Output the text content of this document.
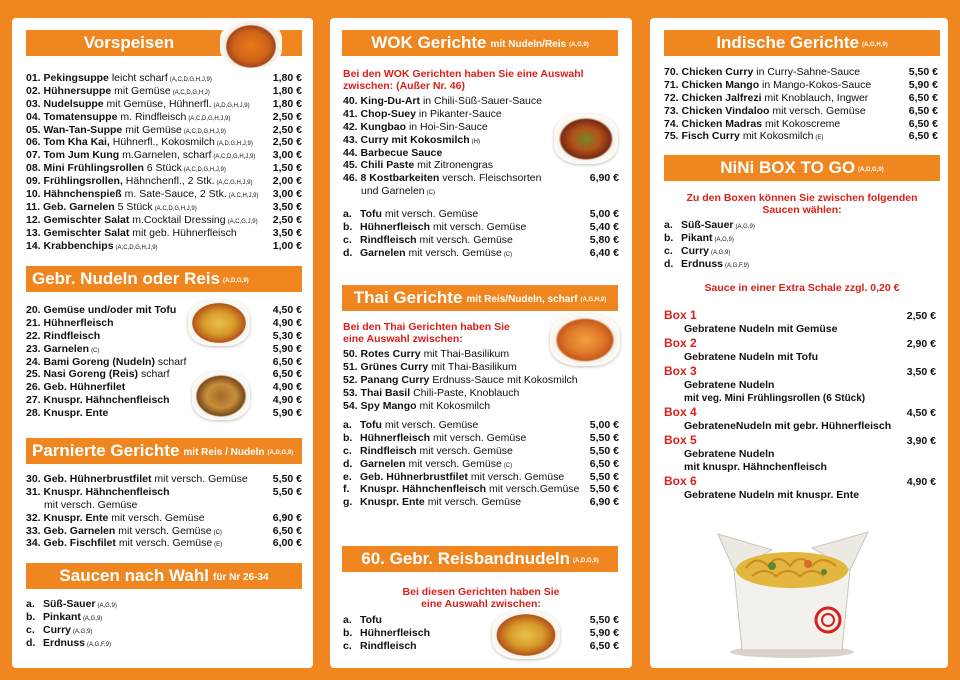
Vorspeisen
01. Pekingsuppe leicht scharf (A,C,D,G,H,J,9)	1,80 €
02. Hühnersuppe mit Gemüse (A,C,D,G,H,J)	1,80 €
03. Nudelsuppe mit Gemüse, Hühnerfl. (A,D,G,H,J,9)	1,80 €
04. Tomatensuppe m. Rindfleisch (A,C,D,G,H,J,9)	2,50 €
05. Wan-Tan-Suppe mit Gemüse (A,C,D,G,H,J,9)	2,50 €
06. Tom Kha Kai, Hühnerfl., Kokosmilch (A,D,G,H,J,9)	2,50 €
07. Tom Jum Kung m.Garnelen, scharf (A,C,D,G,H,J,9)	3,00 €
08. Mini Frühlingsrollen 6 Stück (A,C,D,G,H,J,9)	1,50 €
09. Frühlingsrollen, Hähnchenfl., 2 Stk. (A,C,G,H,J,9)	2,00 €
10. Hähnchenspieß m. Sate-Sauce, 2 Stk. (A,C,H,J,9)	3,00 €
11. Geb. Garnelen 5 Stück (A,C,D,G,H,J,9)	3,50 €
12. Gemischter Salat m.Cocktail Dressing (A,C,G,J,9)	2,50 €
13. Gemischter Salat mit geb. Hühnerfleisch	3,50 €
14. Krabbenchips (A,C,D,G,H,J,9)	1,00 €
Gebr. Nudeln oder Reis (A,D,G,9)
20. Gemüse und/oder mit Tofu	4,50 €
21. Hühnerfleisch	4,90 €
22. Rindfleisch	5,30 €
23. Garnelen (C)	5,90 €
24. Bami Goreng (Nudeln) scharf	6,50 €
25. Nasi Goreng (Reis) scharf	6,50 €
26. Geb. Hühnerfilet	4,90 €
27. Knuspr. Hähnchenfleisch	4,90 €
28. Knuspr. Ente	5,90 €
Parnierte Gerichte mit Reis / Nudeln (A,D,G,9)
30. Geb. Hühnerbrustfilet mit versch. Gemüse	5,50 €
31. Knuspr. Hähnchenfleisch	5,50 €
mit versch. Gemüse
32. Knuspr. Ente mit versch. Gemüse	6,90 €
33. Geb. Garnelen mit versch. Gemüse (C)	6,50 €
34. Geb. Fischfilet mit versch. Gemüse (E)	6,00 €
Saucen nach Wahl für Nr 26-34
a. Süß-Sauer (A,G,9)
b. Pinkant (A,G,9)
c. Curry (A,G,9)
d. Erdnuss (A,G,F,9)
WOK Gerichte mit Nudeln/Reis (A,G,9)
Bei den WOK Gerichten haben Sie eine Auswahl
zwischen: (Außer Nr. 46)
40. King-Du-Art in Chili-Süß-Sauer-Sauce
41. Chop-Suey in Pikanter-Sauce
42. Kungbao in Hoi-Sin-Sauce
43. Curry mit Kokosmilch (H)
44. Barbecue Sauce
45. Chili Paste mit Zitronengras
46. 8 Kostbarkeiten versch. Fleischsorten	6,90 €
und Garnelen (C)
a. Tofu mit versch. Gemüse	5,00 €
b. Hühnerfleisch mit versch. Gemüse	5,40 €
c. Rindfleisch mit versch. Gemüse	5,80 €
d. Garnelen mit versch. Gemüse (C)	6,40 €
Thai Gerichte mit Reis/Nudeln, scharf (A,G,H,9)
Bei den Thai Gerichten haben Sie
eine Auswahl zwischen:
50. Rotes Curry mit Thai-Basilikum
51. Grünes Curry mit Thai-Basilikum
52. Panang Curry Erdnuss-Sauce mit Kokosmilch
53. Thai Basil Chili-Paste, Knoblauch
54. Spy Mango mit Kokosmilch
a. Tofu mit versch. Gemüse	5,00 €
b. Hühnerfleisch mit versch. Gemüse	5,50 €
c. Rindfleisch mit versch. Gemüse	5,50 €
d. Garnelen mit versch. Gemüse (C)	6,50 €
e. Geb. Hühnerbrustfilet mit versch. Gemüse	5,50 €
f. Knuspr. Hähnchenfleisch mit versch.Gemüse 5,50 €
g. Knuspr. Ente mit versch. Gemüse	6,90 €
60. Gebr. Reisbandnudeln (A,D,G,9)
Bei diesen Gerichten haben Sie
eine Auswahl zwischen:
a. Tofu	5,50 €
b. Hühnerfleisch	5,90 €
c. Rindfleisch	6,50 €
Indische Gerichte (A,G,H,9)
70. Chicken Curry in Curry-Sahne-Sauce	5,50 €
71. Chicken Mango in Mango-Kokos-Sauce	5,90 €
72. Chicken Jalfrezi mit Knoblauch, Ingwer	6,50 €
73. Chicken Vindaloo mit versch. Gemüse	6,50 €
74. Chicken Madras mit Kokoscreme	6,50 €
75. Fisch Curry mit Kokosmilch (E)	6,50 €
NiNi BOX TO GO (A,D,G,9)
Zu den Boxen können Sie zwischen folgenden
Saucen wählen:
a. Süß-Sauer (A,G,9)
b. Pikant (A,G,9)
c. Curry (A,G,9)
d. Erdnuss (A,G,F,9)
Sauce in einer Extra Schale zzgl. 0,20 €
Box 1	2,50 €
Gebratene Nudeln mit Gemüse
Box 2	2,90 €
Gebratene Nudeln mit Tofu
Box 3	3,50 €
Gebratene Nudeln
mit veg. Mini Frühlingsrollen (6 Stück)
Box 4	4,50 €
GebrateneNudeln mit gebr. Hühnerfleisch
Box 5	3,90 €
Gebratene Nudeln
mit knuspr. Hähnchenfleisch
Box 6	4,90 €
Gebratene Nudeln mit knuspr. Ente
